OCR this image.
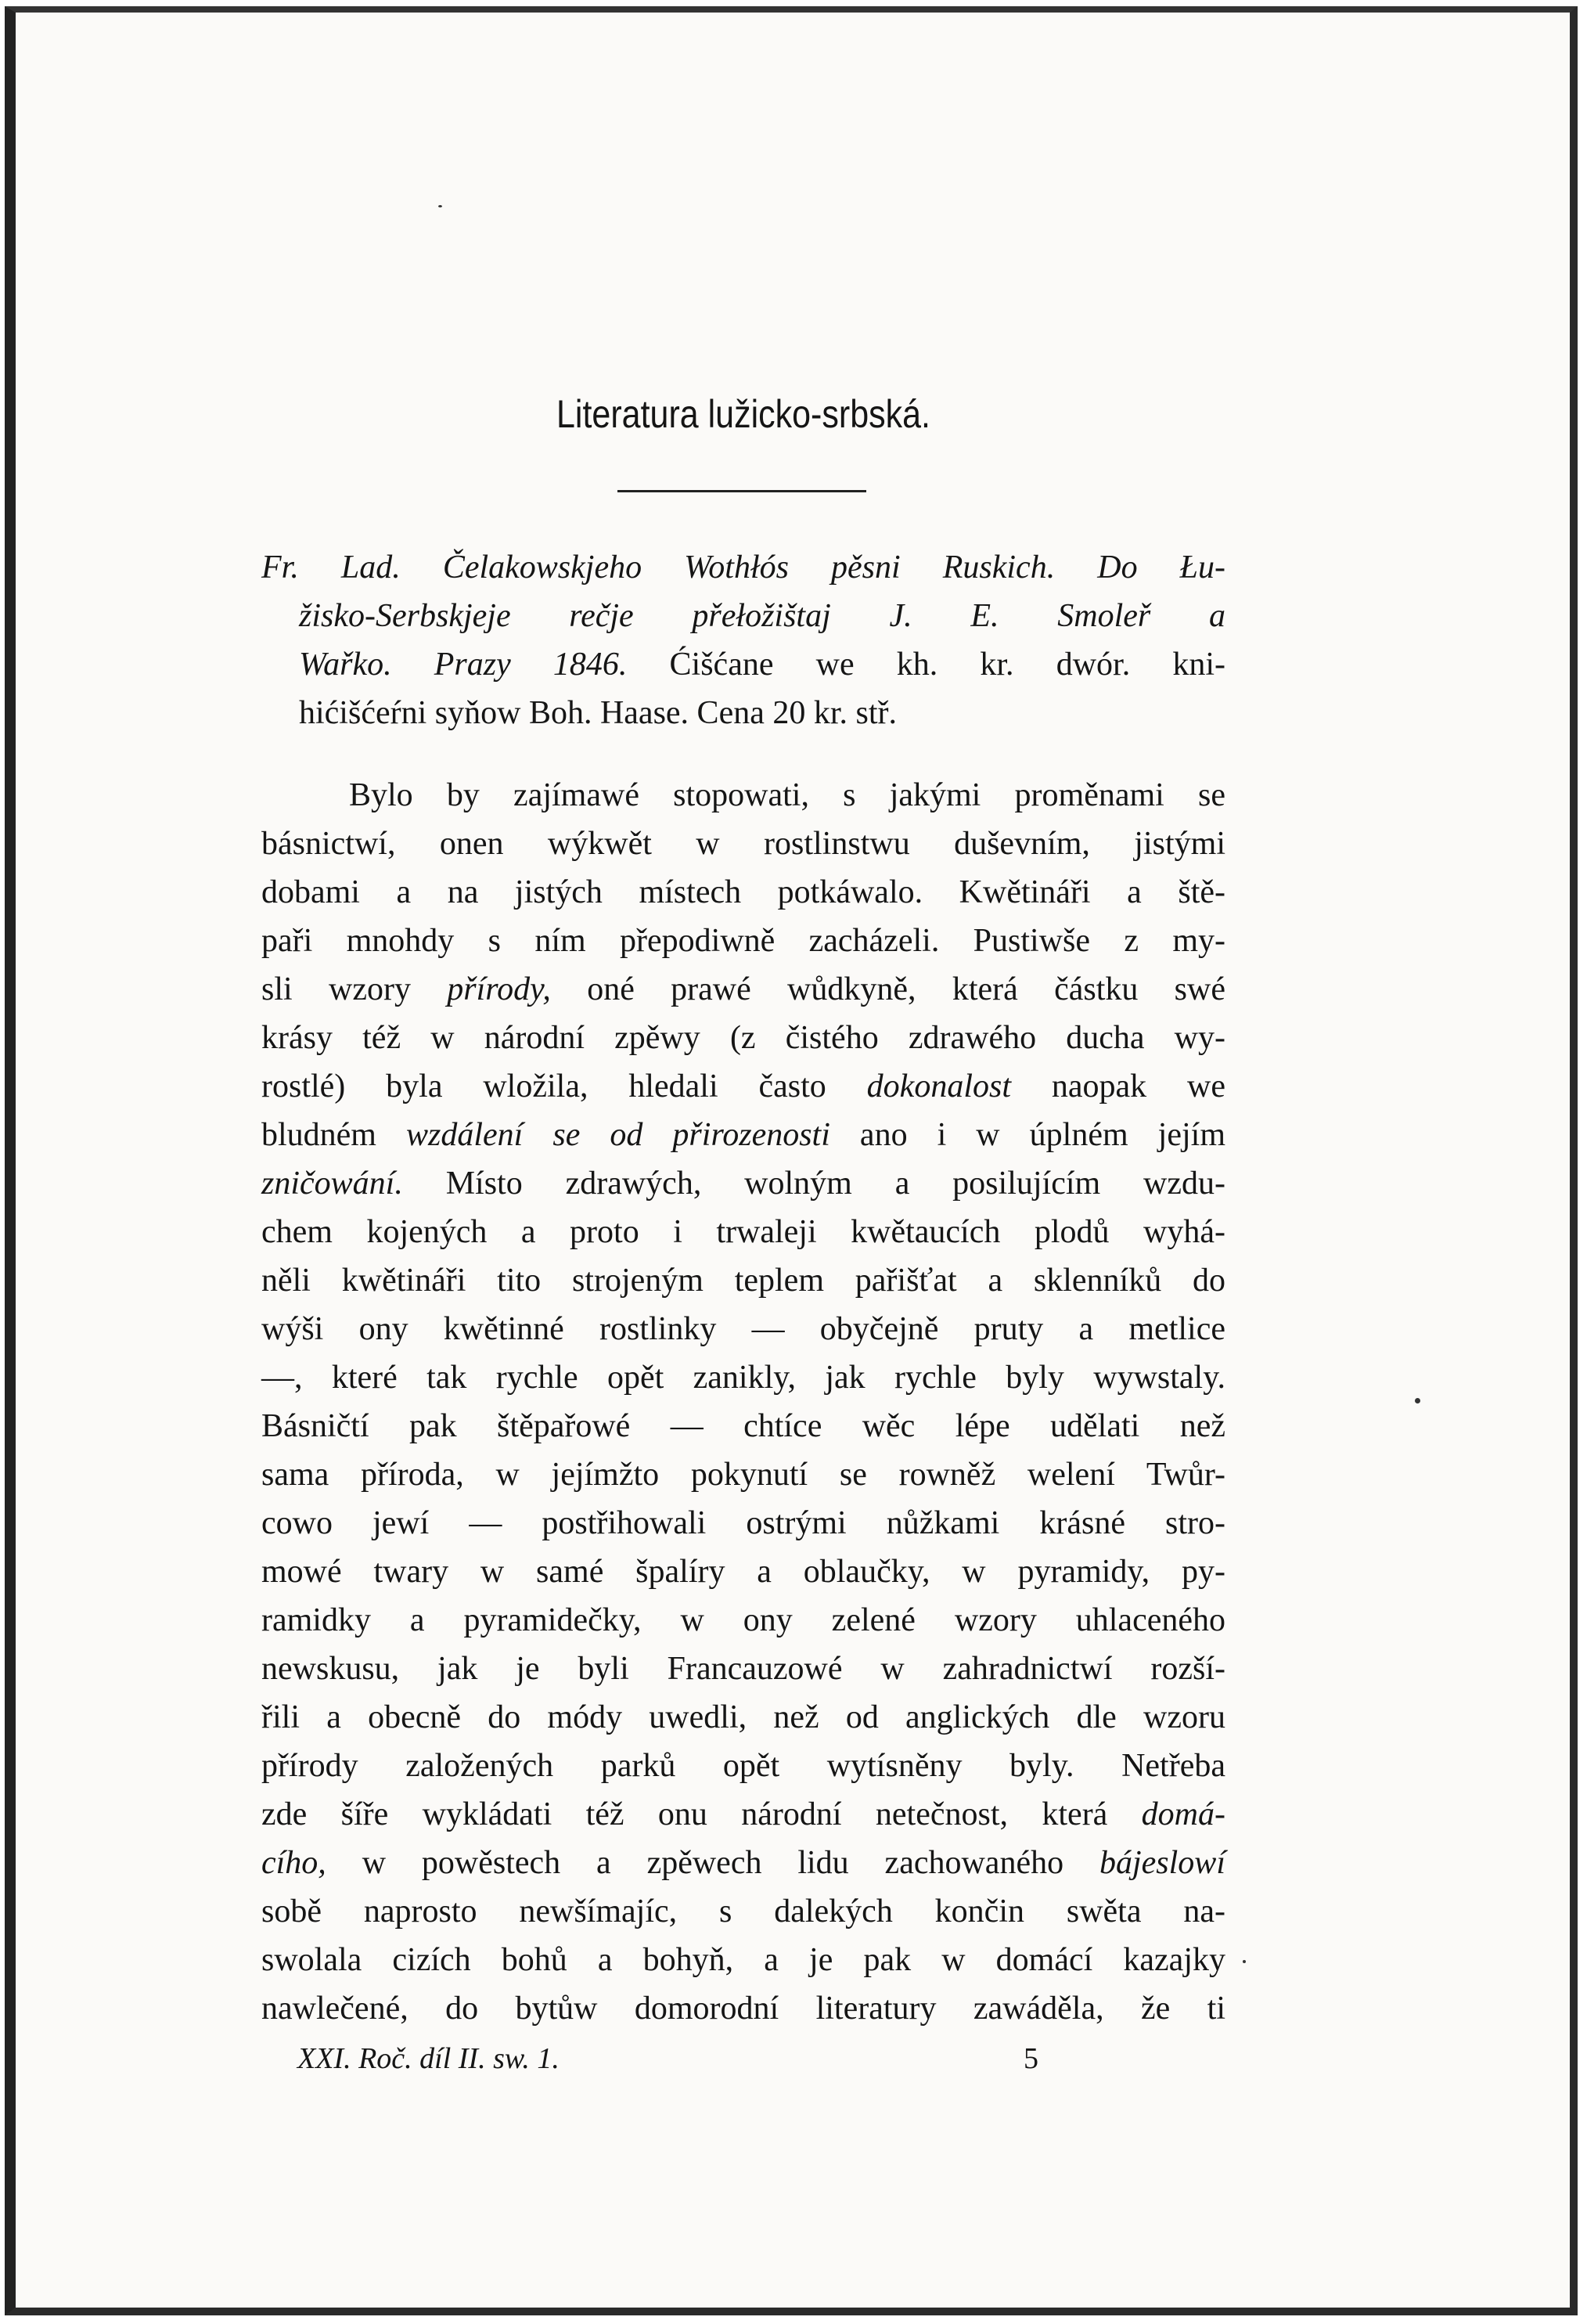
Literatura lužicko-srbská.
Fr. Lad. Čelakowskjeho Wothłós pěsni Ruskich. Do Łu-
žisko-Serbskjeje rečje přełožištaj J. E. Smoleř a
Wařko. Prazy 1846. Ćišćane we kh. kr. dwór. kni-
hićišćeŕni syňow Boh. Haase. Cena 20 kr. stř.
Bylo by zajímawé stopowati, s jakými proměnami se
básnictwí, onen wýkwět w rostlinstwu duševním, jistými
dobami a na jistých místech potkáwalo. Kwětináři a ště-
paři mnohdy s ním přepodiwně zacházeli. Pustiwše z my-
sli wzory přírody, oné prawé wůdkyně, která částku swé
krásy též w národní zpěwy (z čistého zdrawého ducha wy-
rostlé) byla wložila, hledali často dokonalost naopak we
bludném wzdálení se od přirozenosti ano i w úplném jejím
zničowání. Místo zdrawých, wolným a posilujícím wzdu-
chem kojených a proto i trwaleji kwětaucích plodů wyhá-
něli kwětináři tito strojeným teplem pařišťat a sklenníků do
wýši ony kwětinné rostlinky — obyčejně pruty a metlice
—, které tak rychle opět zanikly, jak rychle byly wywstaly.
Básničtí pak štěpařowé — chtíce wěc lépe udělati než
sama příroda, w jejímžto pokynutí se rowněž welení Twůr-
cowo jewí — postřihowali ostrými nůžkami krásné stro-
mowé twary w samé špalíry a oblaučky, w pyramidy, py-
ramidky a pyramidečky, w ony zelené wzory uhlaceného
newskusu, jak je byli Francauzowé w zahradnictwí rozší-
řili a obecně do módy uwedli, než od anglických dle wzoru
přírody založených parků opět wytísněny byly. Netřeba
zde šíře wykládati též onu národní netečnost, která domá-
cího, w powěstech a zpěwech lidu zachowaného bájeslowí
sobě naprosto newšímajíc, s dalekých končin swěta na-
swolala cizích bohů a bohyň, a je pak w domácí kazajky
nawlečené, do bytůw domorodní literatury zawáděla, že ti
XXI. Roč. díl II. sw. 1.	5
